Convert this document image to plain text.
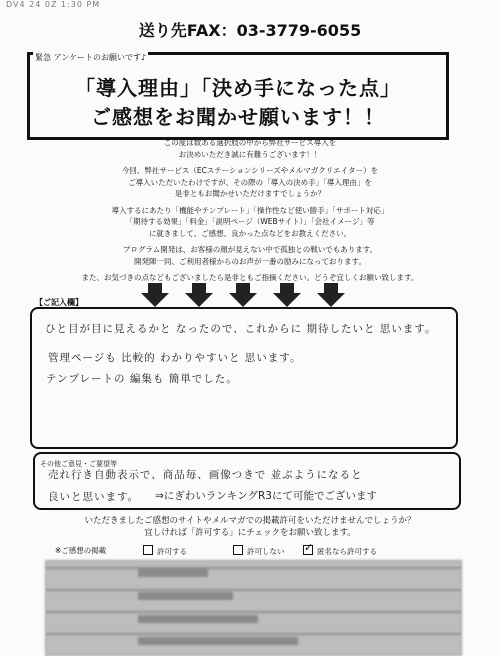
DV4 24 0Z 1:30 PM
送り先FAX：03-3779-6055
緊急 アンケートのお願いです♪
「導入理由」「決め手になった点」
ご感想をお聞かせ願います！！

この度は数ある選択肢の中から弊社サービス導入を
お決めいただき誠に有難うございます！！

今回、弊社サービス（ECステーションシリーズやメルマガクリエイター）を
ご導入いただいたわけですが、その際の「導入の決め手」「導入理由」を
是非ともお聞かせいただけますでしょうか？

導入するにあたり「機能やテンプレート」「操作性など使い勝手」「サポート対応」
「期待する効果」「料金」「説明ページ（WEBサイト）」「会社イメージ」等
に就きまして、ご感想、良かった点などをお教えください。

プログラム開発は、お客様の顔が見えない中で孤独との戦いでもあります。
開発陣一同、ご利用者様からのお声が一番の励みになっております。

また、お気づきの点などもございましたら是非ともご指摘ください。どうぞ宜しくお願い致します。

【ご記入欄】
ひと目が目に見えるかと なったので、これからに 期待したいと 思います。
管理ページも 比較的 わかりやすいと 思います。
テンプレートの 編集も 簡単でした。
その他ご意見・ご要望等
売れ行き自動表示で、商品毎、画像つきで 並ぶようになると
良いと思います。 ⇒にぎわいランキングR3にて可能でございます
いただきましたご感想のサイトやメルマガでの掲載許可をいただけませんでしょうか？
宜しければ「許可する」にチェックをお願い致します。
※ご感想の掲載	許可する	許可しない
✓	匿名なら許可する
